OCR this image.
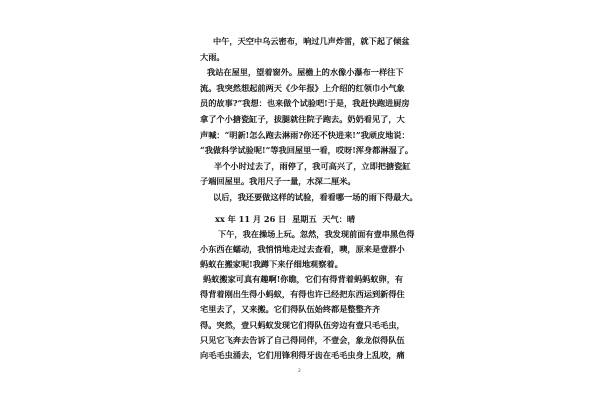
中午，天空中乌云密布，响过几声炸雷，就下起了倾盆
大雨。
我站在屋里，望着窗外。屋檐上的水像小瀑布一样往下
流。我突然想起前两天《少年报》上介绍的红领巾小气象
员的故事?”我想：也来做个试验吧!于是，我赶快跑进厨房
拿了个小搪瓷缸子，拔腿就往院子跑去。奶奶看见了，大
声喊：“明新!怎么跑去淋雨?你还不快进来!”我顽皮地说：
“我做科学试验呢!”等我回屋里一看，哎呀!浑身都淋湿了。
半个小时过去了，雨停了，我可高兴了，立即把搪瓷缸
子端回屋里。我用尺子一量，水深二厘米。
以后，我还要做这样的试验，看看哪一场的雨下得最大。
xx 年 11 月 26 日  星期五  天气：晴
下午，我在操场上玩。忽然，我发现前面有壹串黑色得
小东西在蠕动，我悄悄地走过去查看，噢，原来是壹群小
蚂蚁在搬家呢!我蹲下来仔细地观察着。
蚂蚁搬家可真有趣啊!你瞧，它们有得背着蚂蚂蚁卵，有
得背着刚出生得小蚂蚁，有得也许已经把东西运到新得住
宅里去了，又来搬。它们得队伍始终都是整整齐齐
得。突然，壹只蚂蚁发现它们得队伍旁边有壹只毛毛虫，
只见它飞奔去告诉了自己得同伴，不壹会，象龙似得队伍
向毛毛虫涌去，它们用锋利得牙齿在毛毛虫身上乱咬，痛
2
